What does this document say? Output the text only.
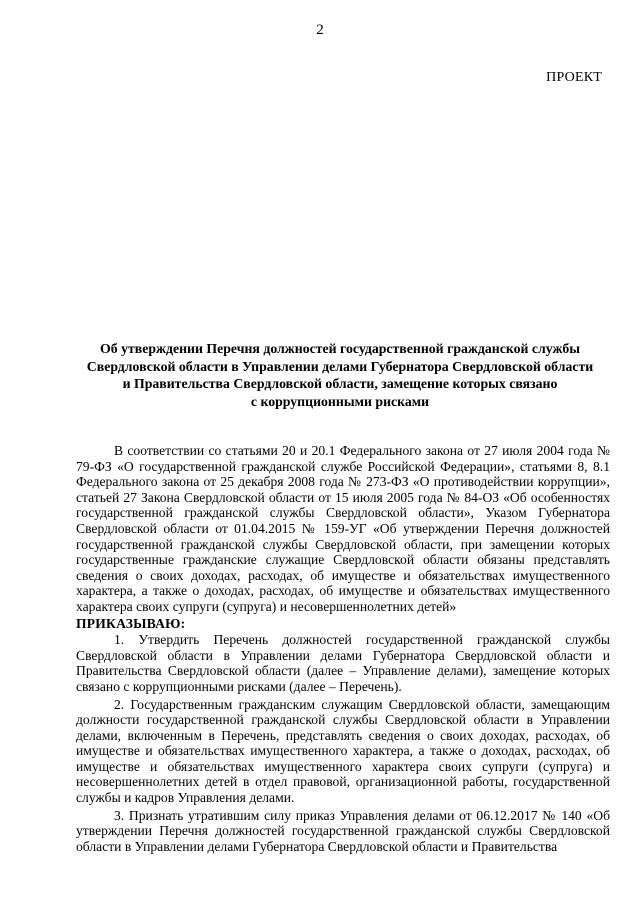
2
ПРОЕКТ
Об утверждении Перечня должностей государственной гражданской службы
Свердловской области в Управлении делами Губернатора Свердловской области
и Правительства Свердловской области, замещение которых связано
с коррупционными рисками

В соответствии со статьями 20 и 20.1 Федерального закона от 27 июля 2004 года № 79-ФЗ «О государственной гражданской службе Российской Федерации», статьями 8, 8.1 Федерального закона от 25 декабря 2008 года № 273-ФЗ «О противодействии коррупции», статьей 27 Закона Свердловской области от 15 июля 2005 года № 84-ОЗ «Об особенностях государственной гражданской службы Свердловской области», Указом Губернатора Свердловской области от 01.04.2015 № 159-УГ «Об утверждении Перечня должностей государственной гражданской службы Свердловской области, при замещении которых государственные гражданские служащие Свердловской области обязаны представлять сведения о своих доходах, расходах, об имуществе и обязательствах имущественного характера, а также о доходах, расходах, об имуществе и обязательствах имущественного характера своих супруги (супруга) и несовершеннолетних детей»

ПРИКАЗЫВАЮ:

1. Утвердить Перечень должностей государственной гражданской службы Свердловской области в Управлении делами Губернатора Свердловской области и Правительства Свердловской области (далее – Управление делами), замещение которых связано с коррупционными рисками (далее – Перечень).

2. Государственным гражданским служащим Свердловской области, замещающим должности государственной гражданской службы Свердловской области в Управлении делами, включенным в Перечень, представлять сведения о своих доходах, расходах, об имуществе и обязательствах имущественного характера, а также о доходах, расходах, об имуществе и обязательствах имущественного характера своих супруги (супруга) и несовершеннолетних детей в отдел правовой, организационной работы, государственной службы и кадров Управления делами.

3. Признать утратившим силу приказ Управления делами от 06.12.2017 № 140 «Об утверждении Перечня должностей государственной гражданской службы Свердловской области в Управлении делами Губернатора Свердловской области и Правительства
